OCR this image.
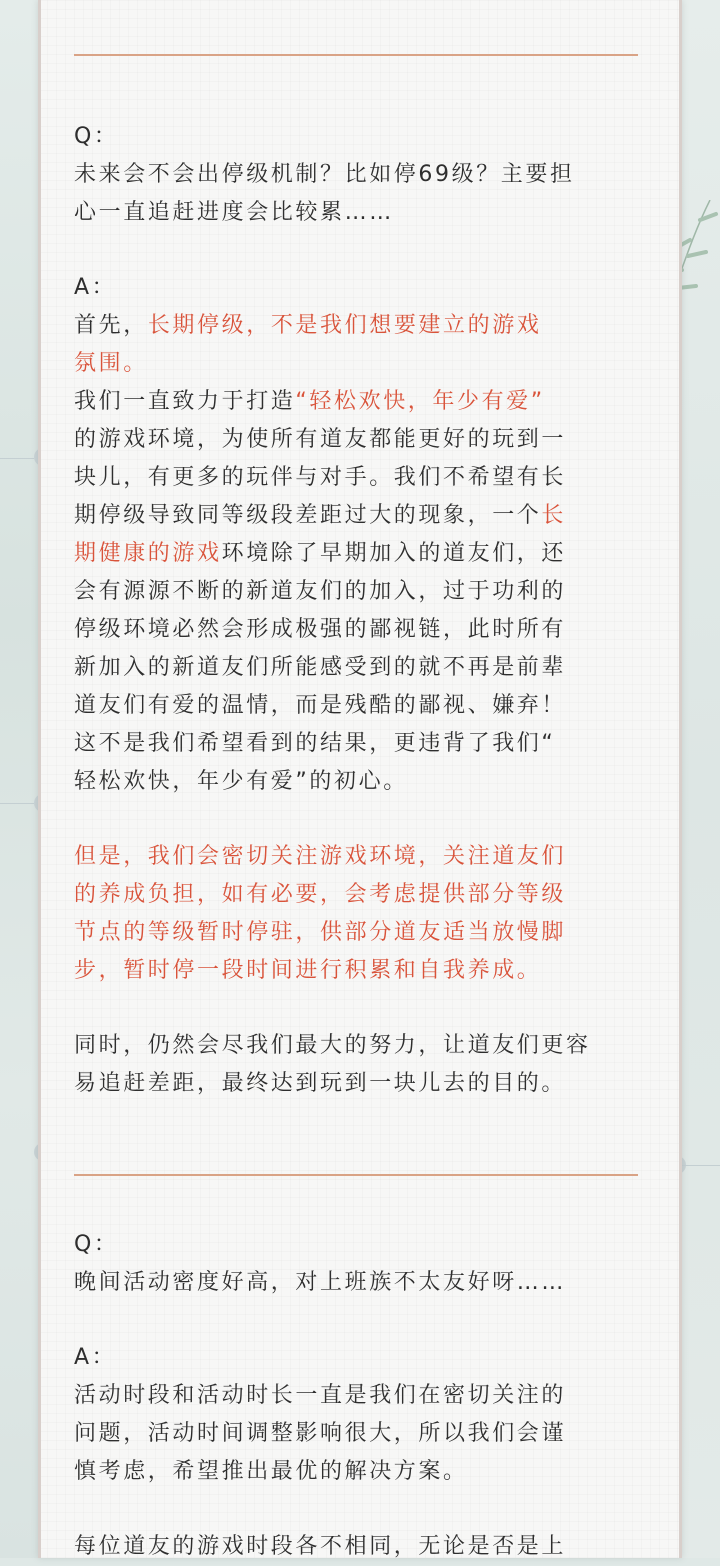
Q：
未来会不会出停级机制？比如停69级？主要担
心一直追赶进度会比较累……
A：
首先，长期停级，不是我们想要建立的游戏
氛围。
我们一直致力于打造“轻松欢快，年少有爱”
的游戏环境，为使所有道友都能更好的玩到一
块儿，有更多的玩伴与对手。我们不希望有长
期停级导致同等级段差距过大的现象，一个长
期健康的游戏环境除了早期加入的道友们，还
会有源源不断的新道友们的加入，过于功利的
停级环境必然会形成极强的鄙视链，此时所有
新加入的新道友们所能感受到的就不再是前辈
道友们有爱的温情，而是残酷的鄙视、嫌弃！
这不是我们希望看到的结果，更违背了我们“
轻松欢快，年少有爱”的初心。
但是，我们会密切关注游戏环境，关注道友们
的养成负担，如有必要，会考虑提供部分等级
节点的等级暂时停驻，供部分道友适当放慢脚
步，暂时停一段时间进行积累和自我养成。
同时，仍然会尽我们最大的努力，让道友们更容
易追赶差距，最终达到玩到一块儿去的目的。
Q：
晚间活动密度好高，对上班族不太友好呀……
A：
活动时段和活动时长一直是我们在密切关注的
问题，活动时间调整影响很大，所以我们会谨
慎考虑，希望推出最优的解决方案。
每位道友的游戏时段各不相同，无论是否是上
